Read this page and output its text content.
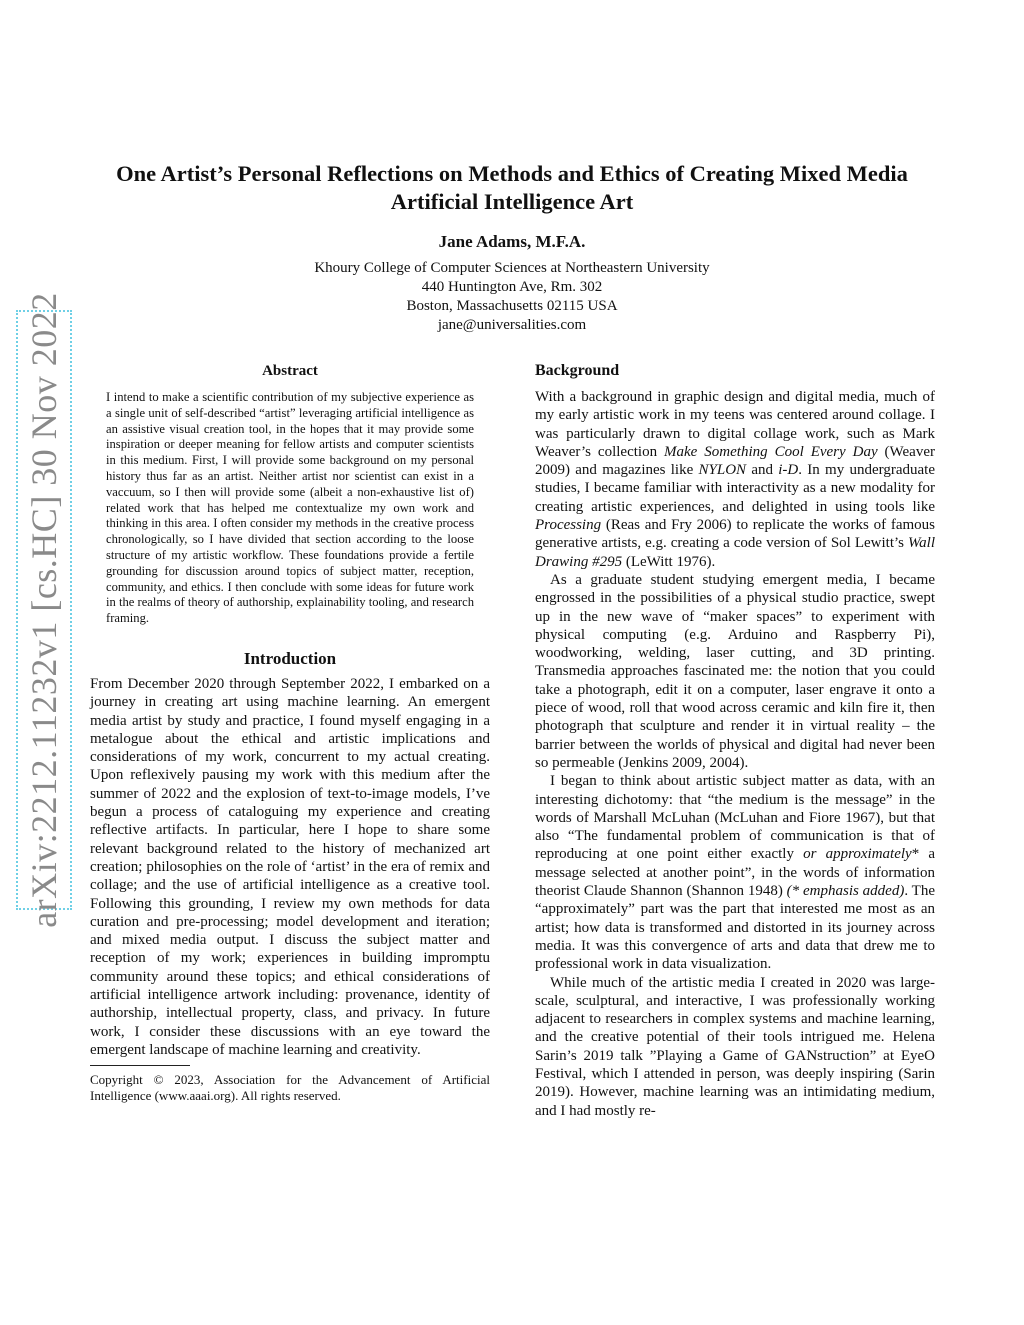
arXiv:2212.11232v1 [cs.HC] 30 Nov 2022
One Artist’s Personal Reflections on Methods and Ethics of Creating Mixed Media
Artificial Intelligence Art
Jane Adams, M.F.A.
Khoury College of Computer Sciences at Northeastern University
440 Huntington Ave, Rm. 302
Boston, Massachusetts 02115 USA
jane@universalities.com
Abstract
I intend to make a scientific contribution of my subjective experience as a single unit of self-described “artist” leveraging artificial intelligence as an assistive visual creation tool, in the hopes that it may provide some inspiration or deeper meaning for fellow artists and computer scientists in this medium. First, I will provide some background on my personal history thus far as an artist. Neither artist nor scientist can exist in a vaccuum, so I then will provide some (albeit a non-exhaustive list of) related work that has helped me contextualize my own work and thinking in this area. I often consider my methods in the creative process chronologically, so I have divided that section according to the loose structure of my artistic workflow. These foundations provide a fertile grounding for discussion around topics of subject matter, reception, community, and ethics. I then conclude with some ideas for future work in the realms of theory of authorship, explainability tooling, and research framing.
Introduction

From December 2020 through September 2022, I embarked on a journey in creating art using machine learning. An emergent media artist by study and practice, I found myself engaging in a metalogue about the ethical and artistic implications and considerations of my work, concurrent to my actual creating. Upon reflexively pausing my work with this medium after the summer of 2022 and the explosion of text-to-image models, I’ve begun a process of cataloguing my experience and creating reflective artifacts. In particular, here I hope to share some relevant background related to the history of mechanized art creation; philosophies on the role of ‘artist’ in the era of remix and collage; and the use of artificial intelligence as a creative tool. Following this grounding, I review my own methods for data curation and pre-processing; model development and iteration; and mixed media output. I discuss the subject matter and reception of my work; experiences in building impromptu community around these topics; and ethical considerations of artificial intelligence artwork including: provenance, identity of authorship, intellectual property, class, and privacy. In future work, I consider these discussions with an eye toward the emergent landscape of machine learning and creativity.

Copyright © 2023, Association for the Advancement of Artificial Intelligence (www.aaai.org). All rights reserved.
Background

With a background in graphic design and digital media, much of my early artistic work in my teens was centered around collage. I was particularly drawn to digital collage work, such as Mark Weaver’s collection Make Something Cool Every Day (Weaver 2009) and magazines like NYLON and i-D. In my undergraduate studies, I became familiar with interactivity as a new modality for creating artistic experiences, and delighted in using tools like Processing (Reas and Fry 2006) to replicate the works of famous generative artists, e.g. creating a code version of Sol Lewitt’s Wall Drawing #295 (LeWitt 1976).

As a graduate student studying emergent media, I became engrossed in the possibilities of a physical studio practice, swept up in the new wave of “maker spaces” to experiment with physical computing (e.g. Arduino and Raspberry Pi), woodworking, welding, laser cutting, and 3D printing. Transmedia approaches fascinated me: the notion that you could take a photograph, edit it on a computer, laser engrave it onto a piece of wood, roll that wood across ceramic and kiln fire it, then photograph that sculpture and render it in virtual reality – the barrier between the worlds of physical and digital had never been so permeable (Jenkins 2009, 2004).

I began to think about artistic subject matter as data, with an interesting dichotomy: that “the medium is the message” in the words of Marshall McLuhan (McLuhan and Fiore 1967), but that also “The fundamental problem of communication is that of reproducing at one point either exactly or approximately* a message selected at another point”, in the words of information theorist Claude Shannon (Shannon 1948) (* emphasis added). The “approximately” part was the part that interested me most as an artist; how data is transformed and distorted in its journey across media. It was this convergence of arts and data that drew me to professional work in data visualization.

While much of the artistic media I created in 2020 was large-scale, sculptural, and interactive, I was professionally working adjacent to researchers in complex systems and machine learning, and the creative potential of their tools intrigued me. Helena Sarin’s 2019 talk ”Playing a Game of GANstruction” at EyeO Festival, which I attended in person, was deeply inspiring (Sarin 2019). However, machine learning was an intimidating medium, and I had mostly re-
